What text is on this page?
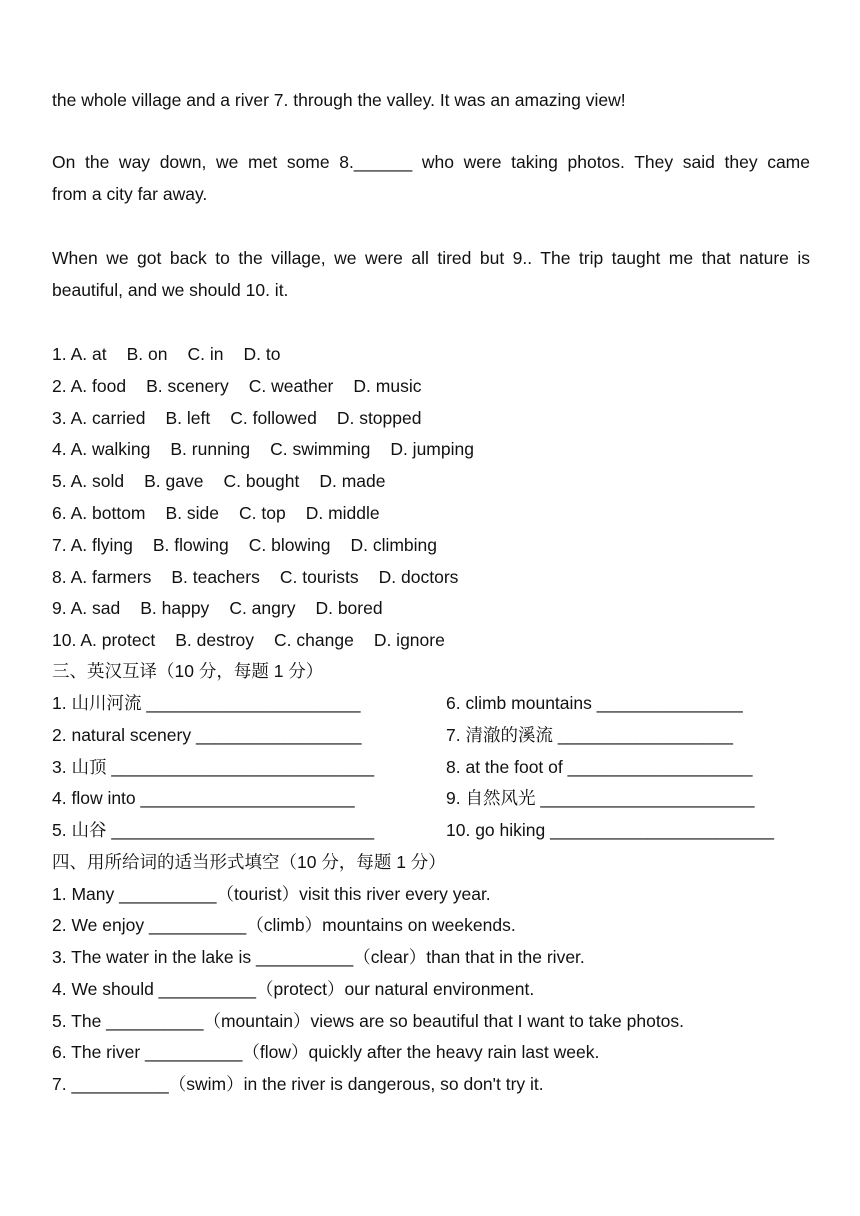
the whole village and a river 7. through the valley. It was an amazing view!
On the way down, we met some 8.______ who were taking photos. They said they came
from a city far away.
When we got back to the village, we were all tired but 9.. The trip taught me that nature is
beautiful, and we should 10. it.
1. A. at B. on C. in D. to
2. A. food B. scenery C. weather D. music
3. A. carried B. left C. followed D. stopped
4. A. walking B. running C. swimming D. jumping
5. A. sold B. gave C. bought D. made
6. A. bottom B. side C. top D. middle
7. A. flying B. flowing C. blowing D. climbing
8. A. farmers B. teachers C. tourists D. doctors
9. A. sad B. happy C. angry D. bored
10. A. protect B. destroy C. change D. ignore
三、英汉互译（10 分，每题 1 分）
1. 山川河流 ______________________
2. natural scenery _________________
3. 山顶 ___________________________
4. flow into ______________________
5. 山谷 ___________________________
6. climb mountains _______________
7. 清澈的溪流 __________________
8. at the foot of ___________________
9. 自然风光 ______________________
10. go hiking _______________________
四、用所给词的适当形式填空（10 分，每题 1 分）
1. Many __________（tourist）visit this river every year.
2. We enjoy __________（climb）mountains on weekends.
3. The water in the lake is __________（clear）than that in the river.
4. We should __________（protect）our natural environment.
5. The __________（mountain）views are so beautiful that I want to take photos.
6. The river __________（flow）quickly after the heavy rain last week.
7. __________（swim）in the river is dangerous, so don't try it.
